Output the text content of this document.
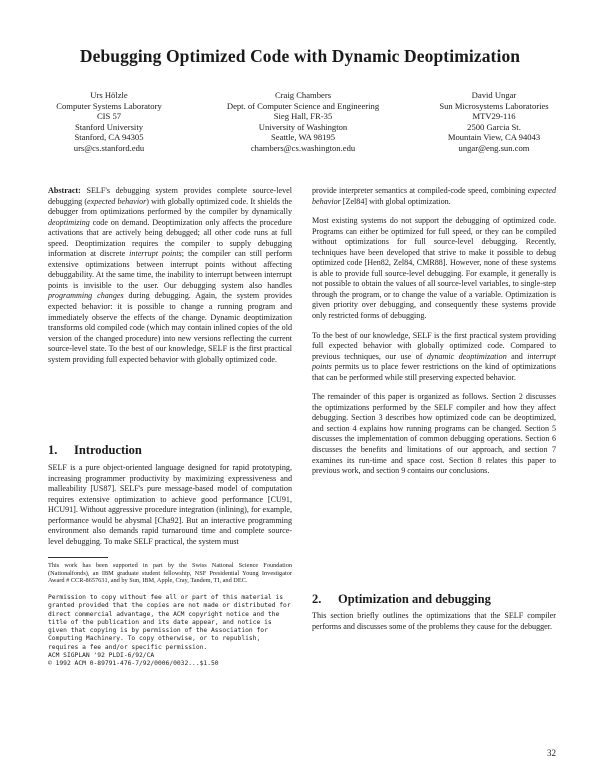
Debugging Optimized Code with Dynamic Deoptimization
Urs Hölzle
Computer Systems Laboratory
CIS 57
Stanford University
Stanford, CA 94305
urs@cs.stanford.edu
Craig Chambers
Dept. of Computer Science and Engineering
Sieg Hall, FR-35
University of Washington
Seattle, WA 98195
chambers@cs.washington.edu
David Ungar
Sun Microsystems Laboratories
MTV29-116
2500 Garcia St.
Mountain View, CA 94043
ungar@eng.sun.com

Abstract: SELF's debugging system provides complete source-level debugging (expected behavior) with globally optimized code. It shields the debugger from optimizations performed by the compiler by dynamically deoptimizing code on demand. Deoptimization only affects the procedure activations that are actively being debugged; all other code runs at full speed. Deoptimization requires the compiler to supply debugging information at discrete interrupt points; the compiler can still perform extensive optimizations between interrupt points without affecting debuggability. At the same time, the inability to interrupt between interrupt points is invisible to the user. Our debugging system also handles programming changes during debugging. Again, the system provides expected behavior: it is possible to change a running program and immediately observe the effects of the change. Dynamic deoptimization transforms old compiled code (which may contain inlined copies of the old version of the changed procedure) into new versions reflecting the current source-level state. To the best of our knowledge, SELF is the first practical system providing full expected behavior with globally optimized code.

1. Introduction

SELF is a pure object-oriented language designed for rapid prototyping, increasing programmer productivity by maximizing expressiveness and malleability [US87]. SELF's pure message-based model of computation requires extensive optimization to achieve good performance [CU91, HCU91]. Without aggressive procedure integration (inlining), for example, performance would be abysmal [Cha92]. But an interactive programming environment also demands rapid turnaround time and complete source-level debugging. To make SELF practical, the system must

This work has been supported in part by the Swiss National Science Foundation (Nationalfonds), an IBM graduate student fellowship, NSF Presidential Young Investigator Award # CCR-8657631, and by Sun, IBM, Apple, Cray, Tandem, TI, and DEC.
Permission to copy without fee all or part of this material is granted provided that the copies are not made or distributed for direct commercial advantage, the ACM copyright notice and the title of the publication and its date appear, and notice is given that copying is by permission of the Association for Computing Machinery. To copy otherwise, or to republish, requires a fee and/or specific permission.
ACM SIGPLAN '92 PLDI-6/92/CA
© 1992 ACM 0-89791-476-7/92/0006/0032...$1.50

provide interpreter semantics at compiled-code speed, combining expected behavior [Zel84] with global optimization.

Most existing systems do not support the debugging of optimized code. Programs can either be optimized for full speed, or they can be compiled without optimizations for full source-level debugging. Recently, techniques have been developed that strive to make it possible to debug optimized code [Hen82, Zel84, CMR88]. However, none of these systems is able to provide full source-level debugging. For example, it generally is not possible to obtain the values of all source-level variables, to single-step through the program, or to change the value of a variable. Optimization is given priority over debugging, and consequently these systems provide only restricted forms of debugging.

To the best of our knowledge, SELF is the first practical system providing full expected behavior with globally optimized code. Compared to previous techniques, our use of dynamic deoptimization and interrupt points permits us to place fewer restrictions on the kind of optimizations that can be performed while still preserving expected behavior.

The remainder of this paper is organized as follows. Section 2 discusses the optimizations performed by the SELF compiler and how they affect debugging. Section 3 describes how optimized code can be deoptimized, and section 4 explains how running programs can be changed. Section 5 discusses the implementation of common debugging operations. Section 6 discusses the benefits and limitations of our approach, and section 7 examines its run-time and space cost. Section 8 relates this paper to previous work, and section 9 contains our conclusions.

2. Optimization and debugging

This section briefly outlines the optimizations that the SELF compiler performs and discusses some of the problems they cause for the debugger.

32
